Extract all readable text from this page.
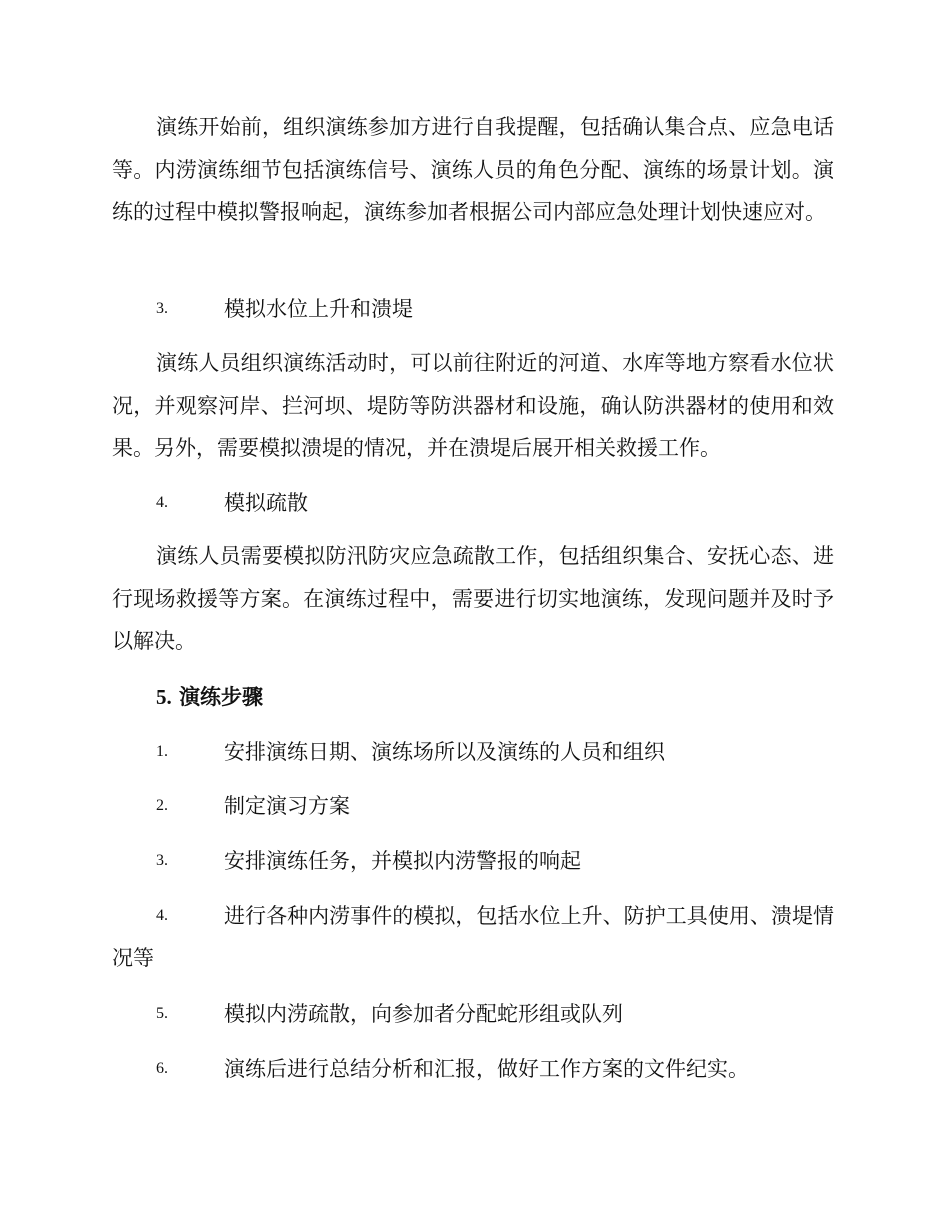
演练开始前，组织演练参加方进行自我提醒，包括确认集合点、应急电话等。内涝演练细节包括演练信号、演练人员的角色分配、演练的场景计划。演练的过程中模拟警报响起，演练参加者根据公司内部应急处理计划快速应对。

3.	模拟水位上升和溃堤

演练人员组织演练活动时，可以前往附近的河道、水库等地方察看水位状况，并观察河岸、拦河坝、堤防等防洪器材和设施，确认防洪器材的使用和效果。另外，需要模拟溃堤的情况，并在溃堤后展开相关救援工作。

4.	模拟疏散

演练人员需要模拟防汛防灾应急疏散工作，包括组织集合、安抚心态、进行现场救援等方案。在演练过程中，需要进行切实地演练，发现问题并及时予以解决。

5. 演练步骤
1.	安排演练日期、演练场所以及演练的人员和组织
2.	制定演习方案
3.	安排演练任务，并模拟内涝警报的响起
4.	进行各种内涝事件的模拟，包括水位上升、防护工具使用、溃堤情况等
5.	模拟内涝疏散，向参加者分配蛇形组或队列
6.	演练后进行总结分析和汇报，做好工作方案的文件纪实。
